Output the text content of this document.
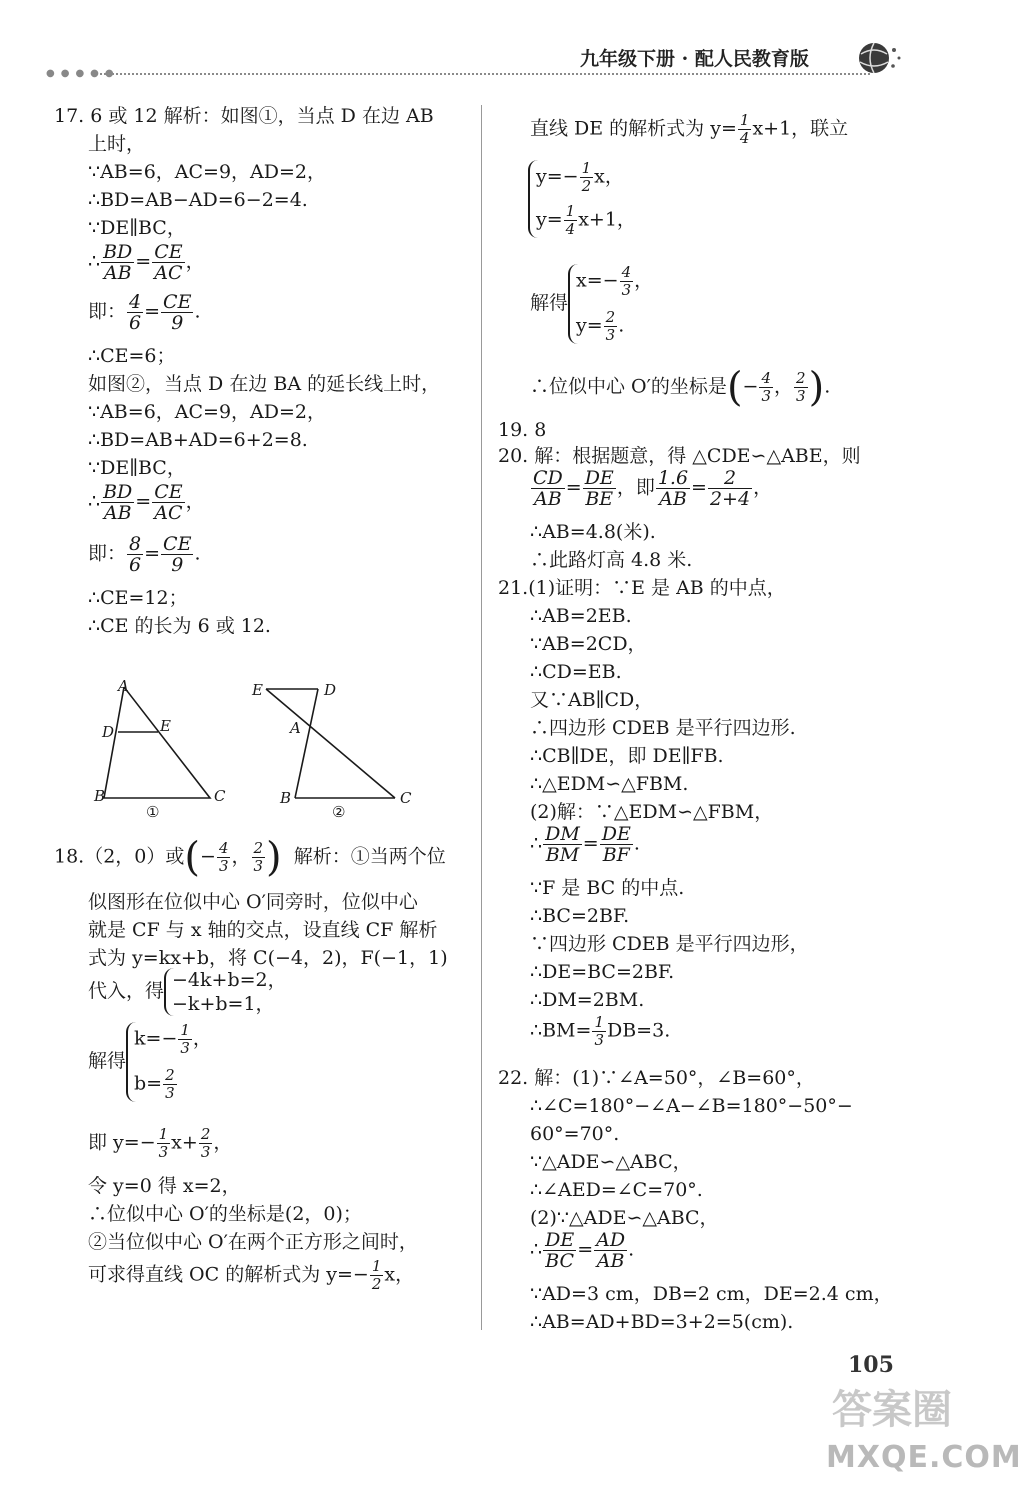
九年级下册 · 配人民教育版
●●●●●
17. 6 或 12 解析：如图①，当点 D 在边 AB
上时，
∵AB=6，AC=9，AD=2，
∴BD=AB−AD=6−2=4.
∵DE∥BC，
∴ $\frac{BD}{AB} = \frac{CE}{AC}$ ，
即： $\frac{4}{6} = \frac{CE}{9}$ .
∴CE=6；
如图②，当点 D 在边 BA 的延长线上时，
∵AB=6，AC=9，AD=2，
∴BD=AB+AD=6+2=8.
∵DE∥BC，
∴ $\frac{BD}{AB} = \frac{CE}{AC}$ ，
即： $\frac{8}{6} = \frac{CE}{9}$ .
∴CE=12；
∴CE 的长为 6 或 12.
A
D	E
B	C
E	D
A
B	C
①	②
18.（2，0）或(− $\frac{4}{3}$ ， $\frac{2}{3}$ ) 解析：①当两个位
似图形在位似中心 O′同旁时，位似中心
就是 CF 与 x 轴的交点，设直线 CF 解析
式为 y=kx+b，将 C(−4，2)，F(−1，1)
代入，得 −4k+b=2，
−k+b=1，
解得
$k=- \frac{1}{3}$ ，
$b= \frac{2}{3}$
即 $y=- \frac{1}{3} x+ \frac{2}{3}$ ，
令 y=0 得 x=2，
∴位似中心 O′的坐标是(2，0)；
②当位似中心 O′在两个正方形之间时，
可求得直线 OC 的解析式为 $y=- \frac{1}{2}$ x，
直线 DE 的解析式为 $y= \frac{1}{4} x+1$，联立
$y=- \frac{1}{2}$ x，
$y= \frac{1}{4} x+1$，
解得
$x=- \frac{4}{3}$ ，
$y= \frac{2}{3}$ .
∴位似中心 O′的坐标是(− $\frac{4}{3}$ ， $\frac{2}{3}$ ).
19. 8
20. 解：根据题意，得 △CDE∽△ABE，则
$\frac{CD}{AB} = \frac{DE}{BE}$ ，即 $\frac{1.6}{AB} = \frac{2}{2+4}$ ，
∴AB=4.8(米).
∴此路灯高 4.8 米.
21.(1)证明：∵E 是 AB 的中点，
∴AB=2EB.
∵AB=2CD，
∴CD=EB.
又∵AB∥CD，
∴四边形 CDEB 是平行四边形.
∴CB∥DE，即 DE∥FB.
∴△EDM∽△FBM.
(2)解：∵△EDM∽△FBM，
∴ $\frac{DM}{BM} = \frac{DE}{BF}$ .
∵F 是 BC 的中点.
∴BC=2BF.
∵四边形 CDEB 是平行四边形，
∴DE=BC=2BF.
∴DM=2BM.
∴BM= $\frac{1}{3} DB=3$.
22. 解：(1)∵∠A=50°，∠B=60°，
∴∠C=180°−∠A−∠B=180°−50°−
60°=70°.
∵△ADE∽△ABC，
∴∠AED=∠C=70°.
(2)∵△ADE∽△ABC，
∴ $\frac{DE}{BC} = \frac{AD}{AB}$ .
∵AD=3 cm，DB=2 cm，DE=2.4 cm，
∴AB=AD+BD=3+2=5(cm).
105
答案圈
MXQE.COM
